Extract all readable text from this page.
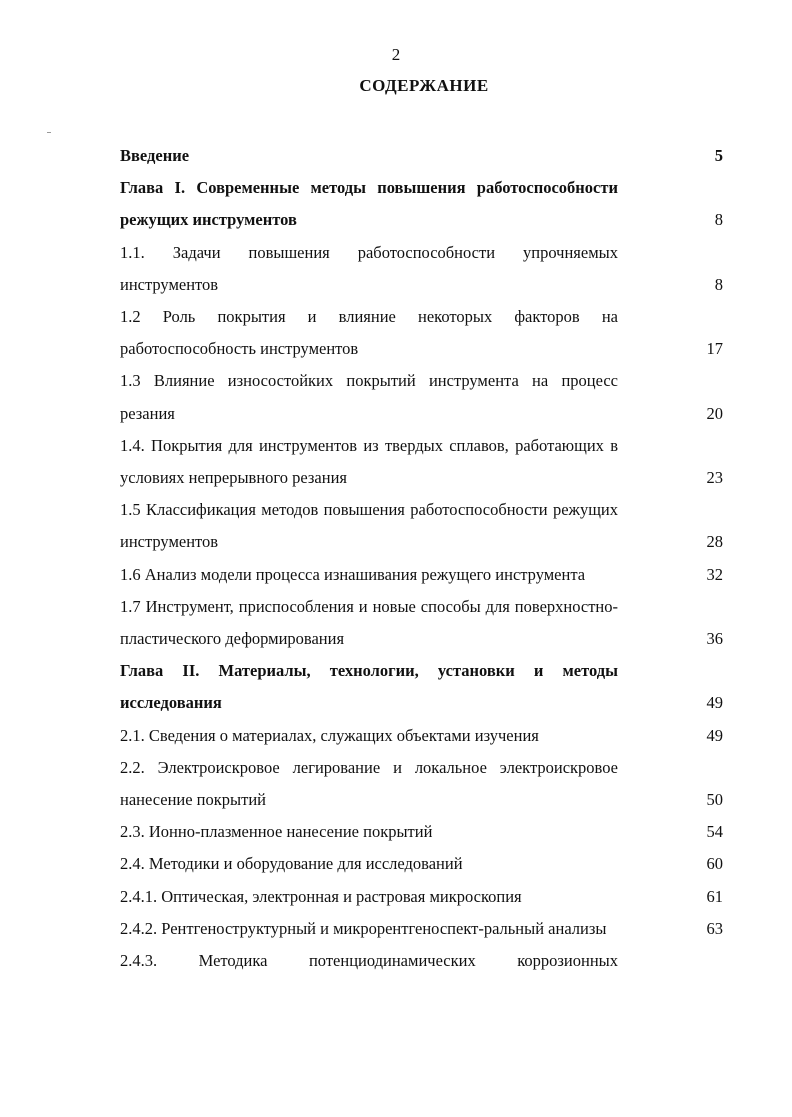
2
СОДЕРЖАНИЕ
Введение	5
Глава I. Современные методы повышения работоспособности режущих инструментов	8
1.1. Задачи повышения работоспособности упрочняемых инструментов	8
1.2 Роль покрытия и влияние некоторых факторов на работоспособность инструментов	17
1.3 Влияние износостойких покрытий инструмента на процесс резания	20
1.4. Покрытия для инструментов из твердых сплавов, работающих в условиях непрерывного резания	23
1.5 Классификация методов повышения работоспособности режущих инструментов	28
1.6 Анализ модели процесса изнашивания режущего инструмента	32
1.7 Инструмент, приспособления и новые способы для поверхностно-пластического деформирования	36
Глава II. Материалы, технологии, установки и методы исследования	49
2.1. Сведения о материалах, служащих объектами изучения	49
2.2. Электроискровое легирование и локальное электроискровое нанесение покрытий	50
2.3. Ионно-плазменное нанесение покрытий	54
2.4. Методики и оборудование для исследований	60
2.4.1. Оптическая, электронная и растровая микроскопия	61
2.4.2. Рентгеноструктурный и микрорентгеноспект-ральный анализы	63
2.4.3. Методика потенциодинамических коррозионных
